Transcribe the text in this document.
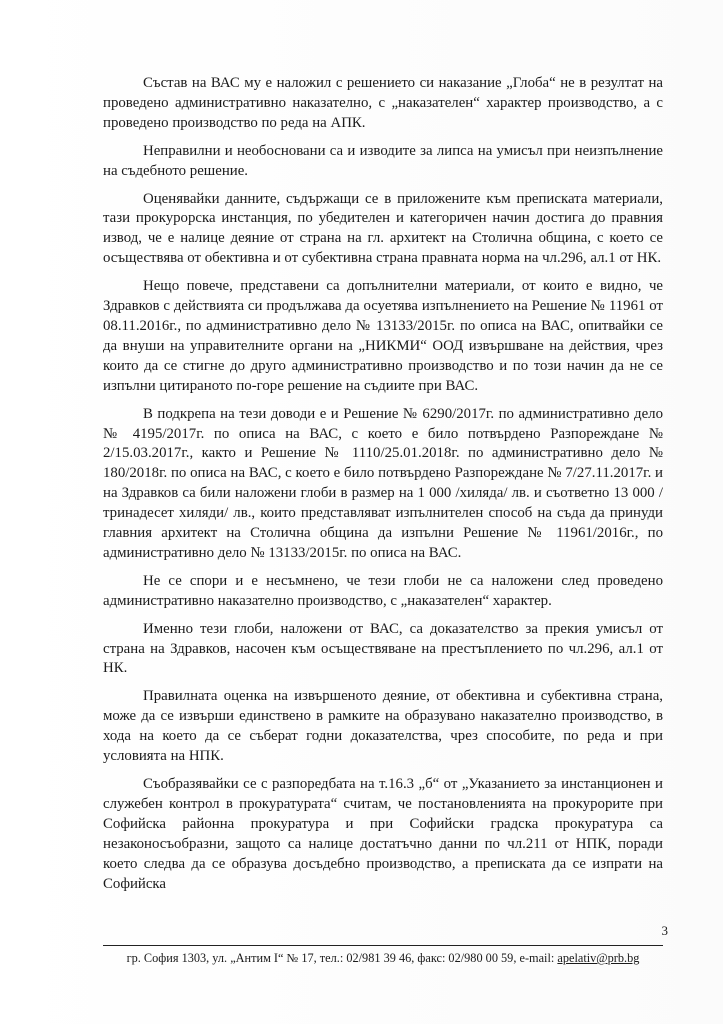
Състав на ВАС му е наложил с решението си наказание „Глоба“ не в резултат на проведено административно наказателно, с „наказателен“ характер производство, а с проведено производство по реда на АПК.

Неправилни и необосновани са и изводите за липса на умисъл при неизпълнение на съдебното решение.

Оценявайки данните, съдържащи се в приложените към преписката материали, тази прокурорска инстанция, по убедителен и категоричен начин достига до правния извод, че е налице деяние от страна на гл. архитект на Столична община, с което се осъществява от обективна и от субективна страна правната норма на чл.296, ал.1 от НК.

Нещо повече, представени са допълнителни материали, от които е видно, че Здравков с действията си продължава да осуетява изпълнението на Решение № 11961 от 08.11.2016г., по административно дело № 13133/2015г. по описа на ВАС, опитвайки се да внуши на управителните органи на „НИКМИ“ ООД извършване на действия, чрез които да се стигне до друго административно производство и по този начин да не се изпълни цитираното по-горе решение на съдиите при ВАС.

В подкрепа на тези доводи е и Решение № 6290/2017г. по административно дело № 4195/2017г. по описа на ВАС, с което е било потвърдено Разпореждане № 2/15.03.2017г., както и Решение № 1110/25.01.2018г. по административно дело № 180/2018г. по описа на ВАС, с което е било потвърдено Разпореждане № 7/27.11.2017г. и на Здравков са били наложени глоби в размер на 1 000 /хиляда/ лв. и съответно 13 000 /тринадесет хиляди/ лв., които представляват изпълнителен способ на съда да принуди главния архитект на Столична община да изпълни Решение № 11961/2016г., по административно дело № 13133/2015г. по описа на ВАС.

Не се спори и е несъмнено, че тези глоби не са наложени след проведено административно наказателно производство, с „наказателен“ характер.

Именно тези глоби, наложени от ВАС, са доказателство за прекия умисъл от страна на Здравков, насочен към осъществяване на престъплението по чл.296, ал.1 от НК.

Правилната оценка на извършеното деяние, от обективна и субективна страна, може да се извърши единствено в рамките на образувано наказателно производство, в хода на което да се съберат годни доказателства, чрез способите, по реда и при условията на НПК.

Съобразявайки се с разпоредбата на т.16.3 „б“ от „Указанието за инстанционен и служебен контрол в прокуратурата“ считам, че постановленията на прокурорите при Софийска районна прокуратура и при Софийски градска прокуратура са незаконосъобразни, защото са налице достатъчно данни по чл.211 от НПК, поради което следва да се образува досъдебно производство, а преписката да се изпрати на Софийска

3
гр. София 1303, ул. „Антим I“ № 17, тел.: 02/981 39 46, факс: 02/980 00 59, e-mail: apelativ@prb.bg
